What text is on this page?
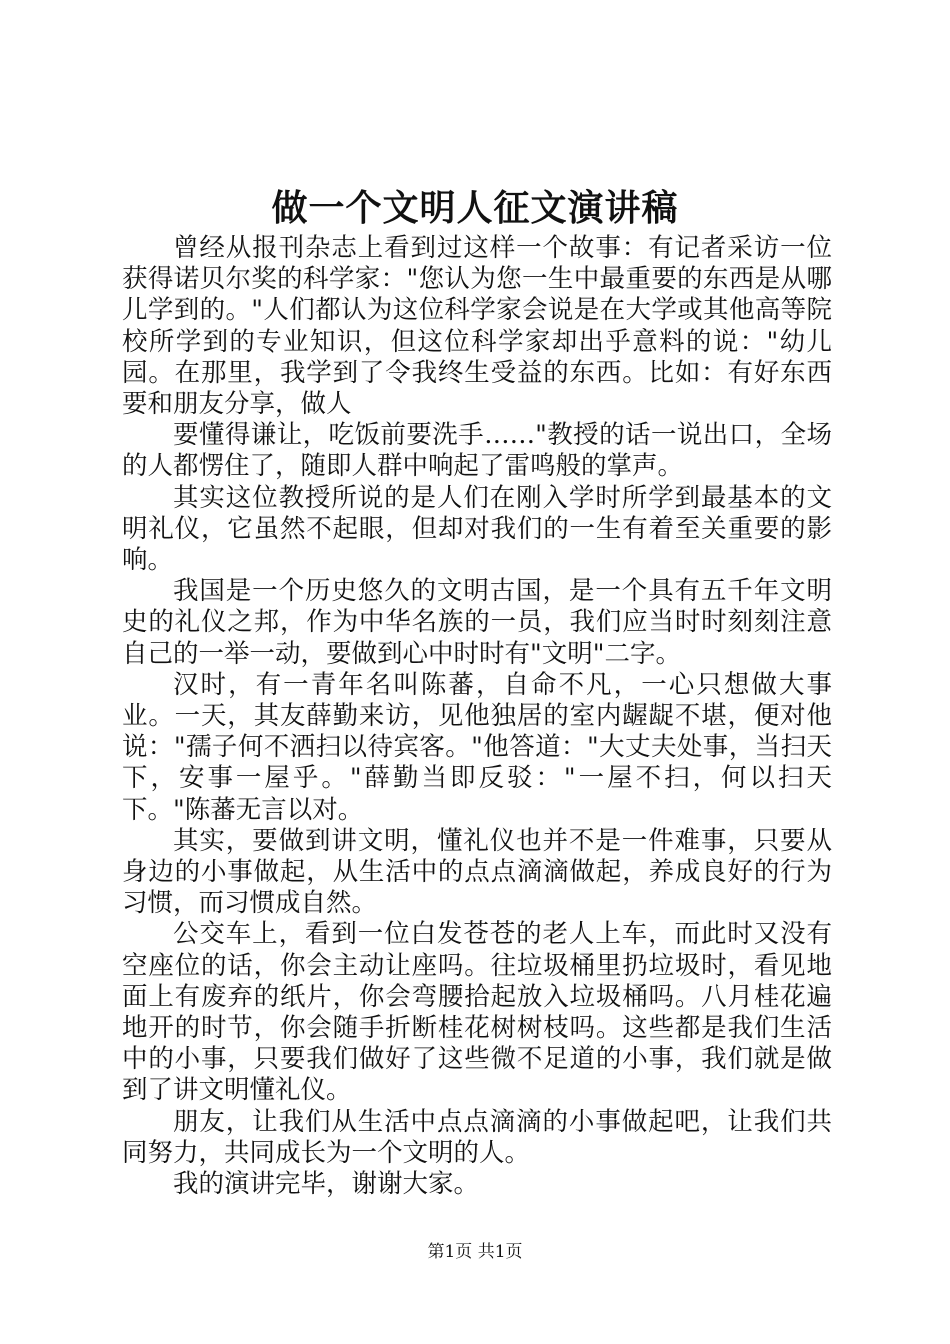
做一个文明人征文演讲稿

曾经从报刊杂志上看到过这样一个故事：有记者采访一位获得诺贝尔奖的科学家："您认为您一生中最重要的东西是从哪儿学到的。"人们都认为这位科学家会说是在大学或其他高等院校所学到的专业知识，但这位科学家却出乎意料的说："幼儿园。在那里，我学到了令我终生受益的东西。比如：有好东西要和朋友分享，做人

要懂得谦让，吃饭前要洗手……"教授的话一说出口，全场的人都愣住了，随即人群中响起了雷鸣般的掌声。

其实这位教授所说的是人们在刚入学时所学到最基本的文明礼仪，它虽然不起眼，但却对我们的一生有着至关重要的影响。

我国是一个历史悠久的文明古国，是一个具有五千年文明史的礼仪之邦，作为中华名族的一员，我们应当时时刻刻注意自己的一举一动，要做到心中时时有"文明"二字。

汉时，有一青年名叫陈蕃，自命不凡，一心只想做大事业。一天，其友薛勤来访，见他独居的室内龌龊不堪，便对他说："孺子何不洒扫以待宾客。"他答道："大丈夫处事，当扫天下，安事一屋乎。"薛勤当即反驳："一屋不扫，何以扫天下。"陈蕃无言以对。

其实，要做到讲文明，懂礼仪也并不是一件难事，只要从身边的小事做起，从生活中的点点滴滴做起，养成良好的行为习惯，而习惯成自然。

公交车上，看到一位白发苍苍的老人上车，而此时又没有空座位的话，你会主动让座吗。往垃圾桶里扔垃圾时，看见地面上有废弃的纸片，你会弯腰拾起放入垃圾桶吗。八月桂花遍地开的时节，你会随手折断桂花树树枝吗。这些都是我们生活中的小事，只要我们做好了这些微不足道的小事，我们就是做到了讲文明懂礼仪。

朋友，让我们从生活中点点滴滴的小事做起吧，让我们共同努力，共同成长为一个文明的人。

我的演讲完毕，谢谢大家。

第1页 共1页
